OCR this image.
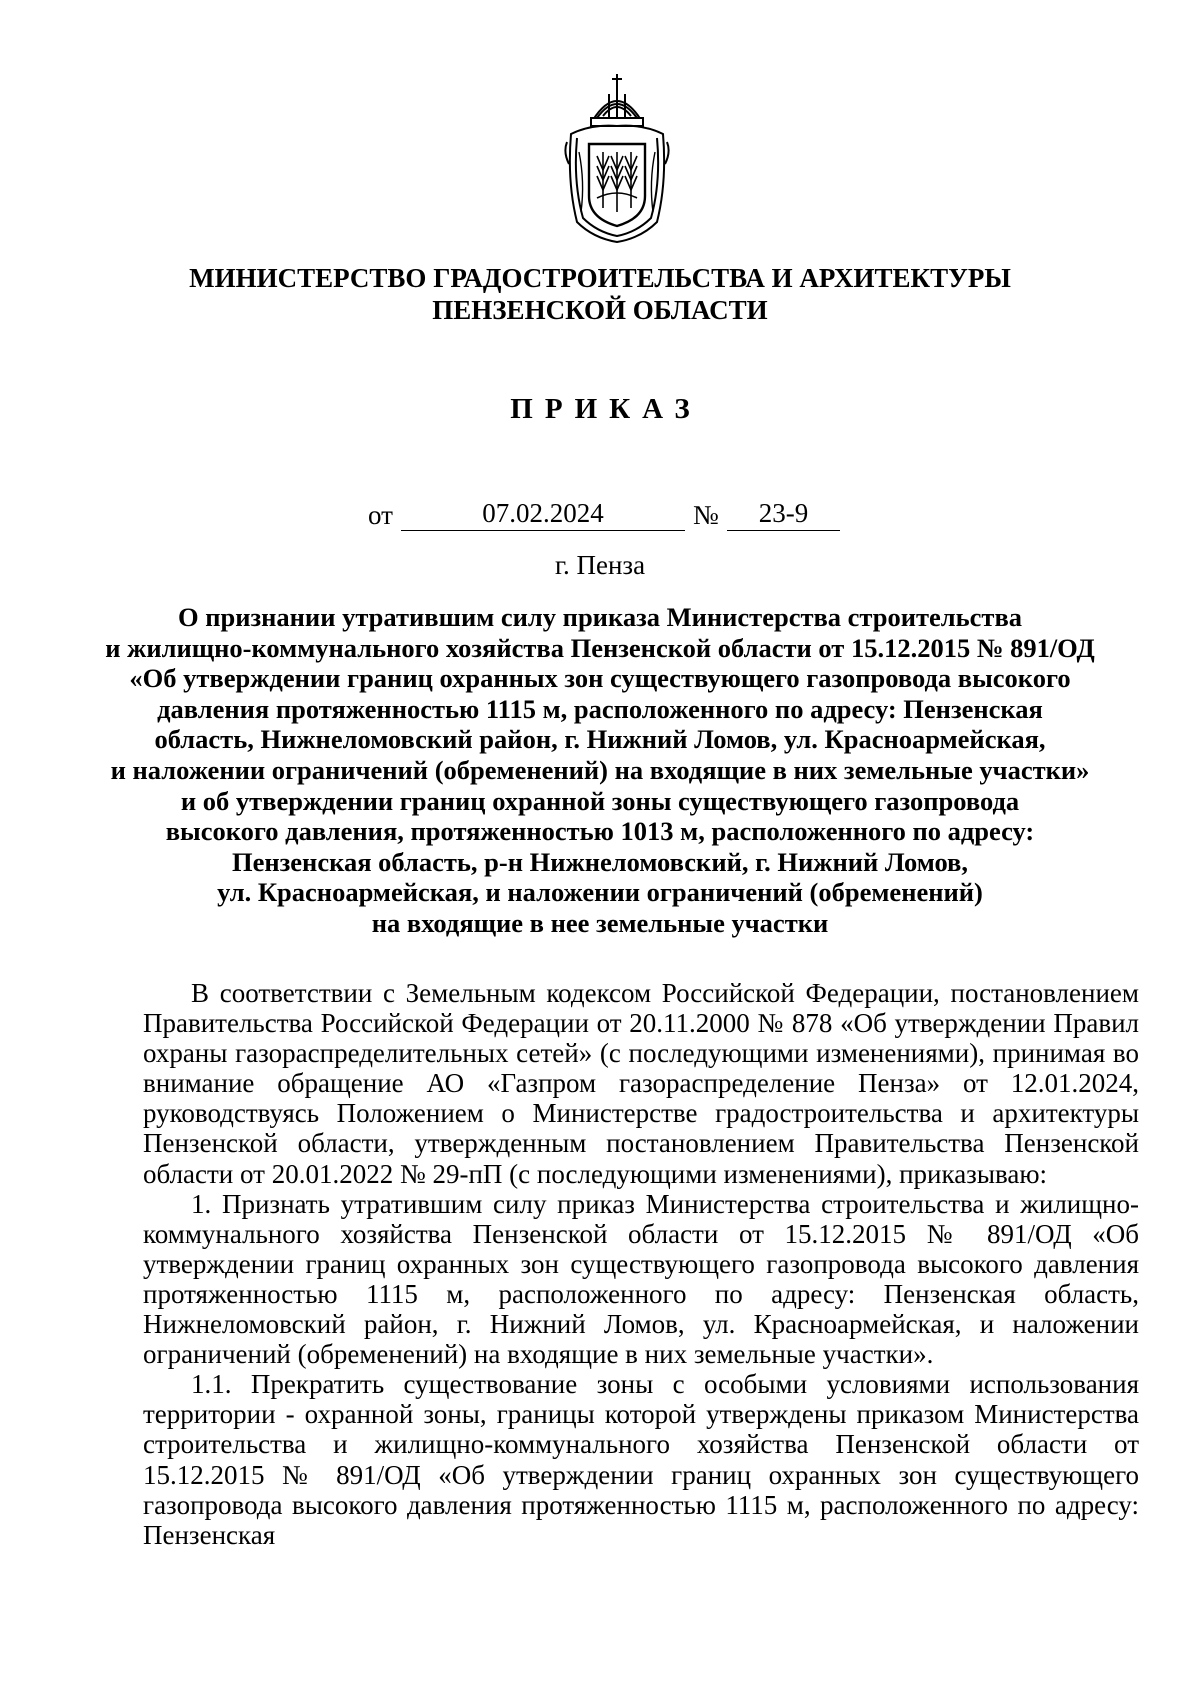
МИНИСТЕРСТВО ГРАДОСТРОИТЕЛЬСТВА И АРХИТЕКТУРЫ
ПЕНЗЕНСКОЙ ОБЛАСТИ
ПРИКАЗ
от	07.02.2024	№	23-9
г. Пенза
О признании утратившим силу приказа Министерства строительства
и жилищно-коммунального хозяйства Пензенской области от 15.12.2015 № 891/ОД
«Об утверждении границ охранных зон существующего газопровода высокого
давления протяженностью 1115 м, расположенного по адресу: Пензенская
область, Нижнеломовский район, г. Нижний Ломов, ул. Красноармейская,
и наложении ограничений (обременений) на входящие в них земельные участки»
и об утверждении границ охранной зоны существующего газопровода
высокого давления, протяженностью 1013 м, расположенного по адресу:
Пензенская область, р-н Нижнеломовский, г. Нижний Ломов,
ул. Красноармейская, и наложении ограничений (обременений)
на входящие в нее земельные участки

В соответствии с Земельным кодексом Российской Федерации, постановлением Правительства Российской Федерации от 20.11.2000 № 878 «Об утверждении Правил охраны газораспределительных сетей» (с последующими изменениями), принимая во внимание обращение АО «Газпром газораспределение Пенза» от 12.01.2024, руководствуясь Положением о Министерстве градостроительства и архитектуры Пензенской области, утвержденным постановлением Правительства Пензенской области от 20.01.2022 № 29-пП (с последующими изменениями), приказываю:

1. Признать утратившим силу приказ Министерства строительства и жилищно-коммунального хозяйства Пензенской области от 15.12.2015 № 891/ОД «Об утверждении границ охранных зон существующего газопровода высокого давления протяженностью 1115 м, расположенного по адресу: Пензенская область, Нижнеломовский район, г. Нижний Ломов, ул. Красноармейская, и наложении ограничений (обременений) на входящие в них земельные участки».

1.1. Прекратить существование зоны с особыми условиями использования территории - охранной зоны, границы которой утверждены приказом Министерства строительства и жилищно-коммунального хозяйства Пензенской области от 15.12.2015 № 891/ОД «Об утверждении границ охранных зон существующего газопровода высокого давления протяженностью 1115 м, расположенного по адресу: Пензенская
